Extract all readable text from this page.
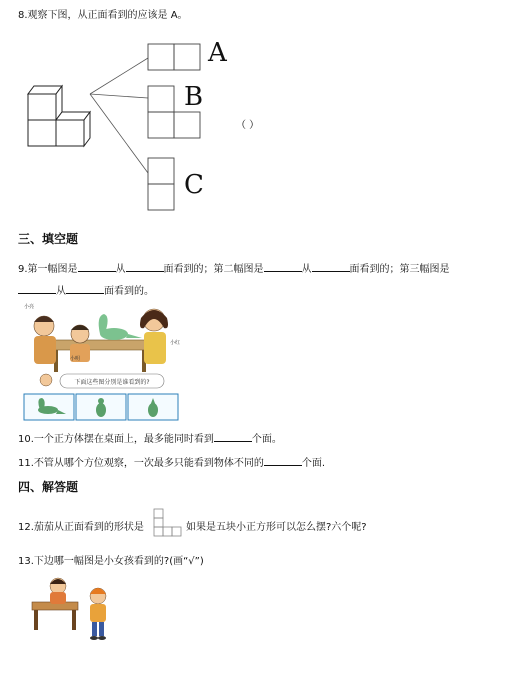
8.观察下图，从正面看到的应该是 A。
A
B
C
（ ）
三、填空题
9.第一幅图是	从	面看到的；第二幅图是	从	面看到的；第三幅图是
从	面看到的。
下面这些图分别是谁看到的?
小亮
小明
小红
10.一个正方体摆在桌面上，最多能同时看到	个面。
11.不管从哪个方位观察，一次最多只能看到物体不同的	个面.
四、解答题
12.茄茄从正面看到的形状是	如果是五块小正方形可以怎么摆?六个呢?
13.下边哪一幅图是小女孩看到的?(画“√”)
